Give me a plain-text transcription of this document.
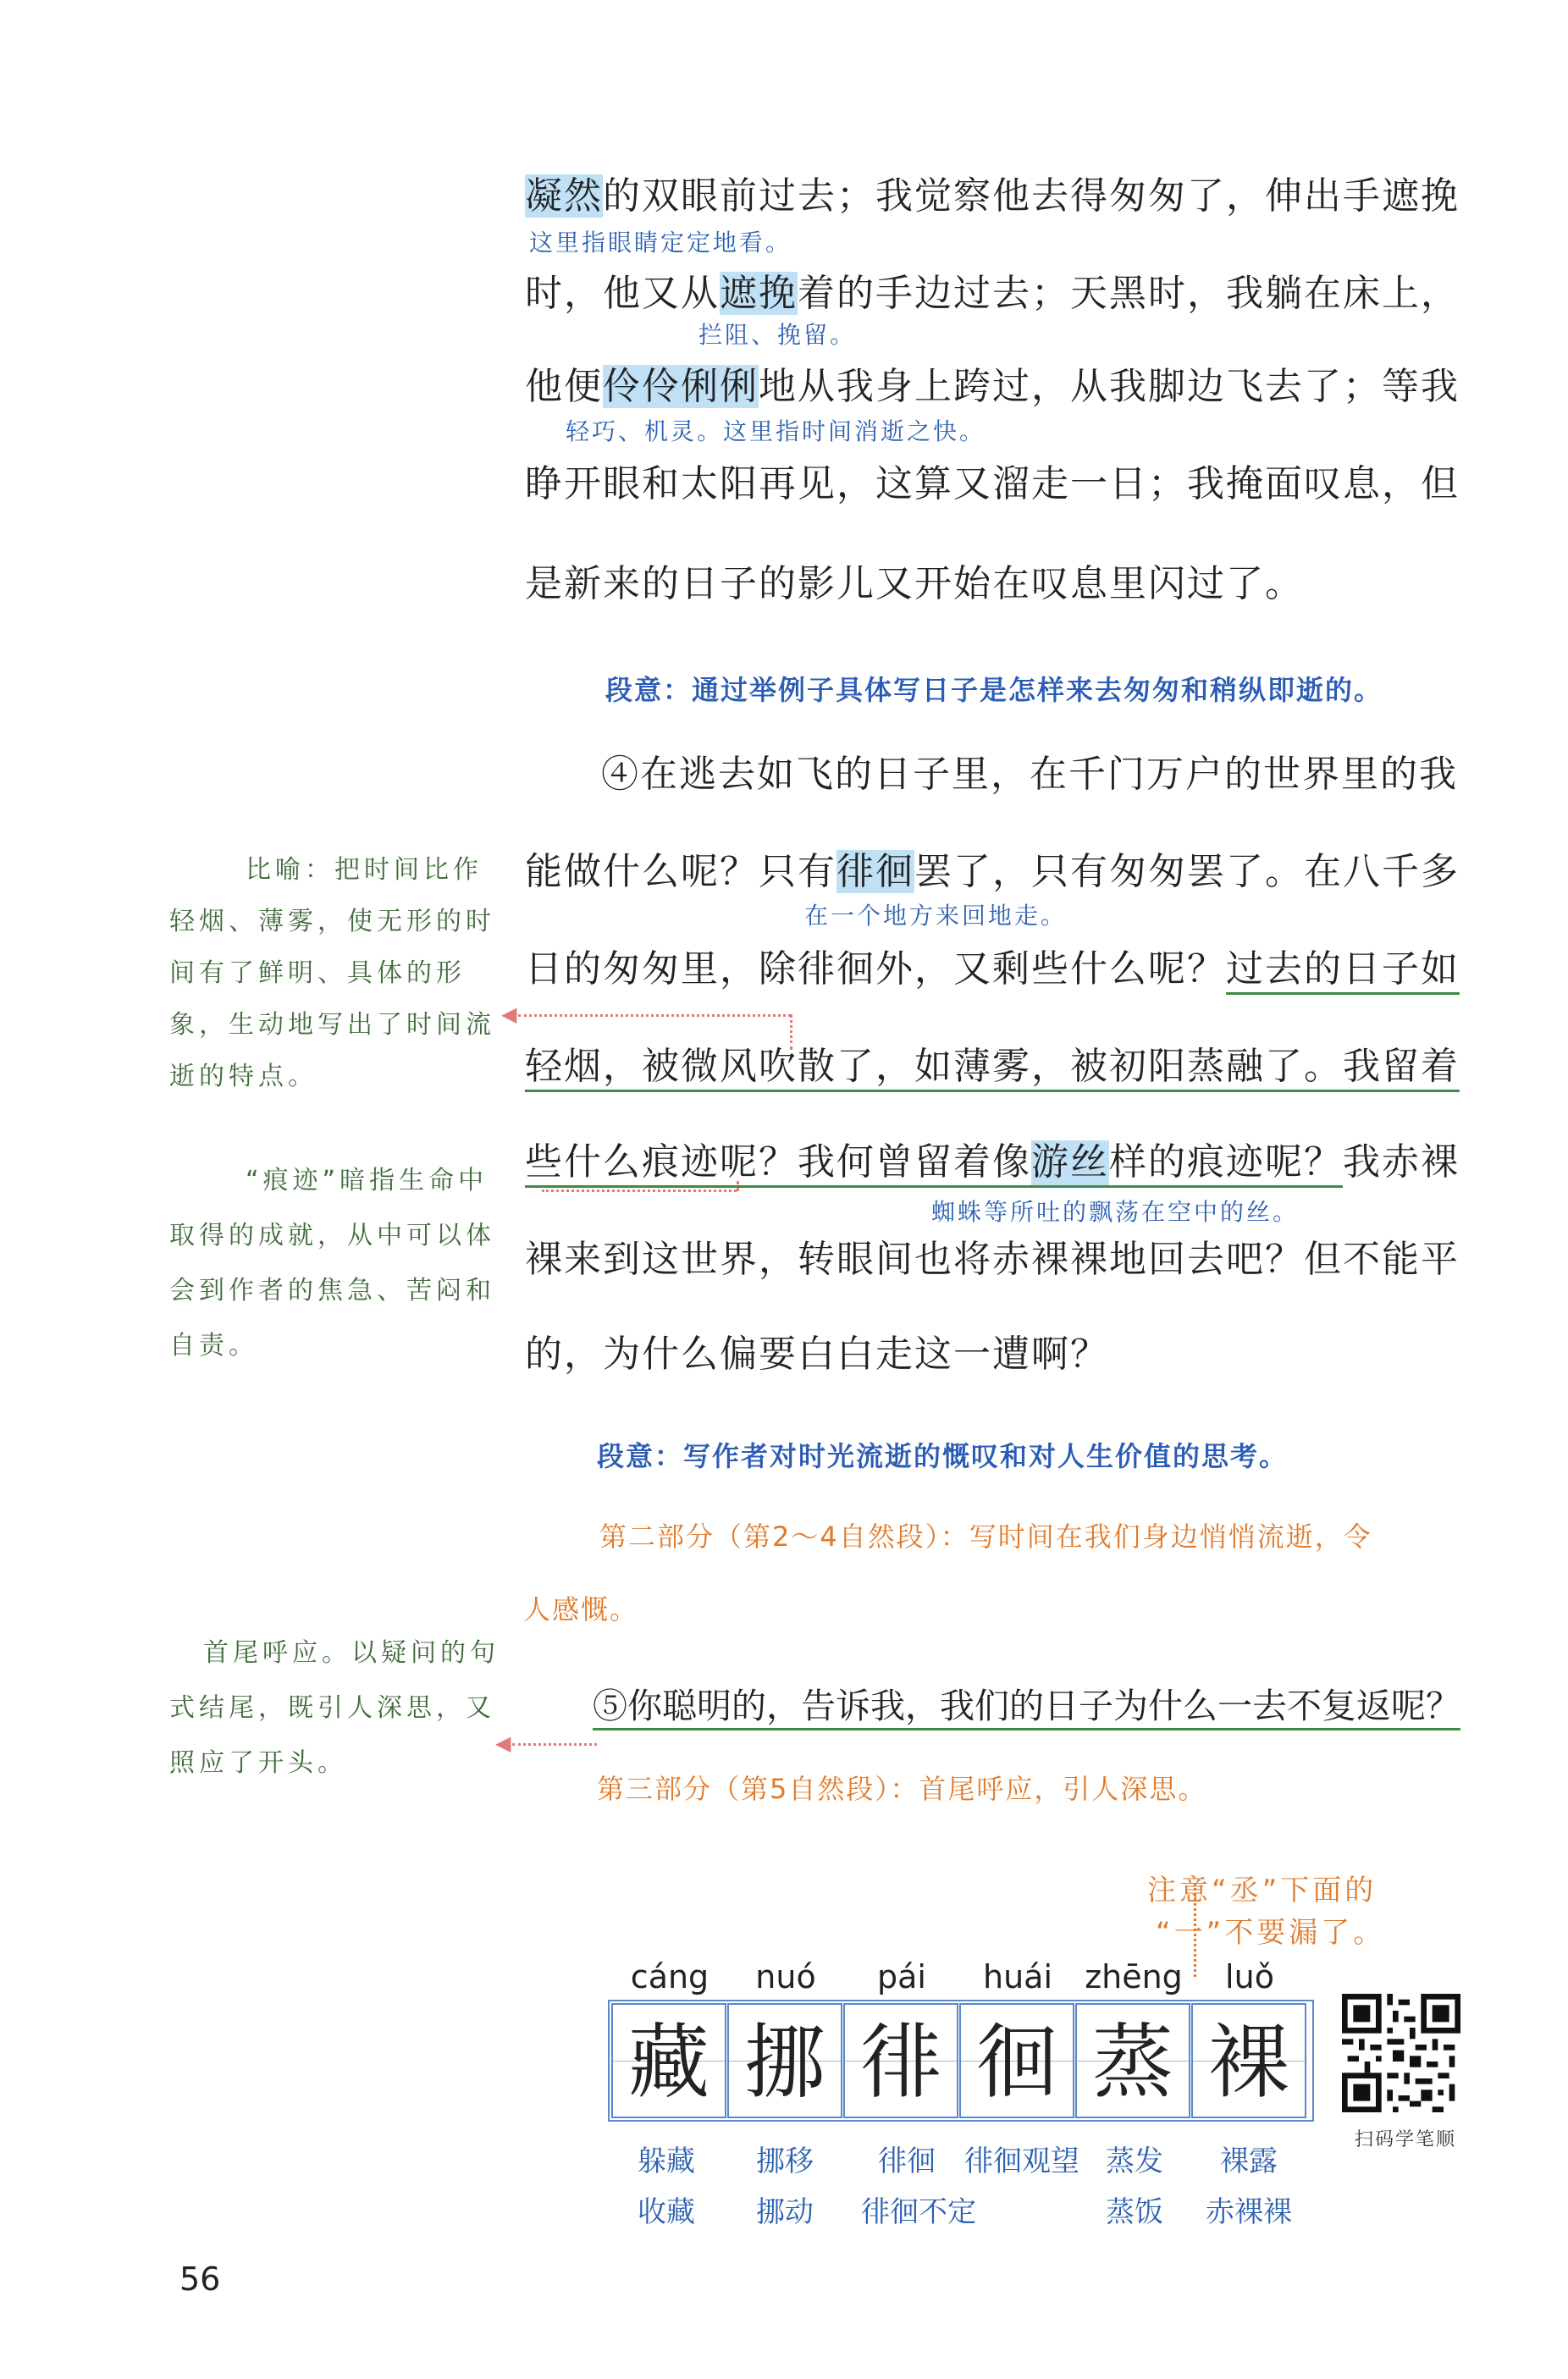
凝然的双眼前过去；我觉察他去得匆匆了，伸出手遮挽
这里指眼睛定定地看。
时，他又从遮挽着的手边过去；天黑时，我躺在床上，
拦阻、挽留。
他便伶伶俐俐地从我身上跨过，从我脚边飞去了；等我
轻巧、机灵。这里指时间消逝之快。
睁开眼和太阳再见，这算又溜走一日；我掩面叹息，但
是新来的日子的影儿又开始在叹息里闪过了。
段意：通过举例子具体写日子是怎样来去匆匆和稍纵即逝的。
④在逃去如飞的日子里，在千门万户的世界里的我
能做什么呢？只有徘徊罢了，只有匆匆罢了。在八千多
在一个地方来回地走。
日的匆匆里，除徘徊外，又剩些什么呢？过去的日子如
轻烟，被微风吹散了，如薄雾，被初阳蒸融了。我留着
些什么痕迹呢？我何曾留着像游丝样的痕迹呢？我赤裸
蜘蛛等所吐的飘荡在空中的丝。
裸来到这世界，转眼间也将赤裸裸地回去吧？但不能平
的，为什么偏要白白走这一遭啊？
段意：写作者对时光流逝的慨叹和对人生价值的思考。
第二部分（第2～4自然段）：写时间在我们身边悄悄流逝，令
人感慨。
⑤你聪明的，告诉我，我们的日子为什么一去不复返呢？
第三部分（第5自然段）：首尾呼应，引人深思。
比喻：把时间比作轻烟、薄雾，使无形的时间有了鲜明、具体的形象，生动地写出了时间流逝的特点。
“痕迹”暗指生命中取得的成就，从中可以体会到作者的焦急、苦闷和自责。
首尾呼应。以疑问的句式结尾，既引人深思，又照应了开头。
◀
◀
注意“丞”下面的
“一”不要漏了。
cáng
藏
躲藏
收藏
nuó
挪
挪移
挪动
pái
徘
徘徊
徘徊不定
huái
徊
徘徊观望
zhēng
蒸
蒸发
蒸饭
luǒ
裸
裸露
赤裸裸
扫码学笔顺
56
